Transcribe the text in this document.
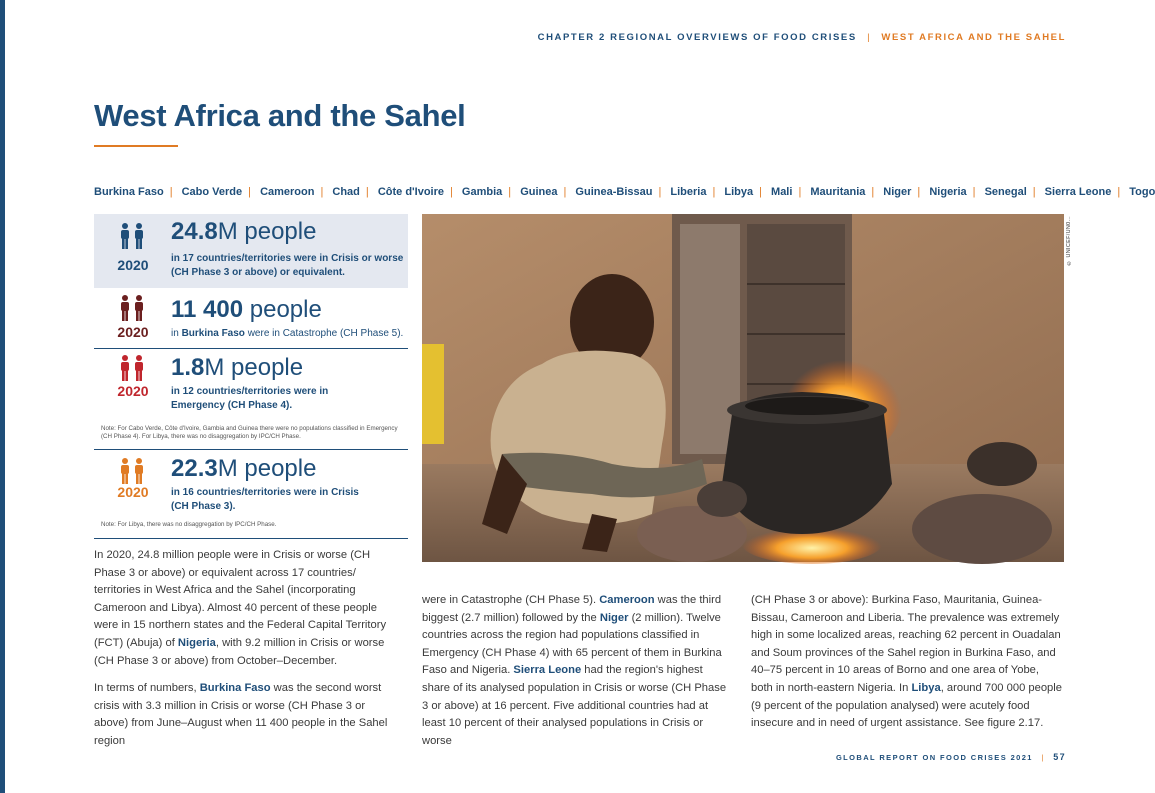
CHAPTER 2 REGIONAL OVERVIEWS OF FOOD CRISES | WEST AFRICA AND THE SAHEL
West Africa and the Sahel
Burkina Faso | Cabo Verde | Cameroon | Chad | Côte d'Ivoire | Gambia | Guinea | Guinea-Bissau | Liberia | Libya | Mali | Mauritania | Niger | Nigeria | Senegal | Sierra Leone | Togo
2020
24.8M people
in 17 countries/territories were in Crisis or worse (CH Phase 3 or above) or equivalent.
2020
11 400 people
in Burkina Faso were in Catastrophe (CH Phase 5).
2020
1.8M people
in 12 countries/territories were in Emergency (CH Phase 4).
Note: For Cabo Verde, Côte d'Ivoire, Gambia and Guinea there were no populations classified in Emergency (CH Phase 4). For Libya, there was no disaggregation by IPC/CH Phase.
2020
22.3M people
in 16 countries/territories were in Crisis (CH Phase 3).
Note: For Libya, there was no disaggregation by IPC/CH Phase.
© UNICEF/UN0...

In 2020, 24.8 million people were in Crisis or worse (CH Phase 3 or above) or equivalent across 17 countries/ territories in West Africa and the Sahel (incorporating Cameroon and Libya). Almost 40 percent of these people were in 15 northern states and the Federal Capital Territory (FCT) (Abuja) of Nigeria, with 9.2 million in Crisis or worse (CH Phase 3 or above) from October–December.

In terms of numbers, Burkina Faso was the second worst crisis with 3.3 million in Crisis or worse (CH Phase 3 or above) from June–August when 11 400 people in the Sahel region

were in Catastrophe (CH Phase 5). Cameroon was the third biggest (2.7 million) followed by the Niger (2 million). Twelve countries across the region had populations classified in Emergency (CH Phase 4) with 65 percent of them in Burkina Faso and Nigeria. Sierra Leone had the region's highest share of its analysed population in Crisis or worse (CH Phase 3 or above) at 16 percent. Five additional countries had at least 10 percent of their analysed populations in Crisis or worse

(CH Phase 3 or above): Burkina Faso, Mauritania, Guinea-Bissau, Cameroon and Liberia. The prevalence was extremely high in some localized areas, reaching 62 percent in Ouadalan and Soum provinces of the Sahel region in Burkina Faso, and 40–75 percent in 10 areas of Borno and one area of Yobe, both in north-eastern Nigeria. In Libya, around 700 000 people (9 percent of the population analysed) were acutely food insecure and in need of urgent assistance. See figure 2.17.

GLOBAL REPORT ON FOOD CRISES 2021 | 57
